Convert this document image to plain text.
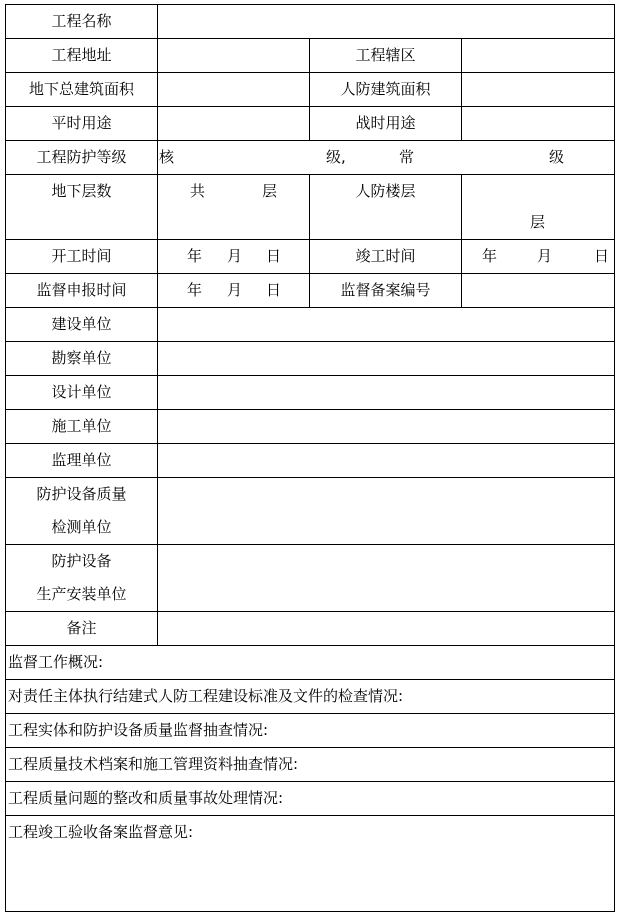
工程名称			
工程地址		工程辖区	
地下总建筑面积		人防建筑面积	
平时用途		战时用途	
工程防护等级	核 级, 常 级		

地下层数	共 层	人防楼层	层

开工时间	年 月 日	竣工时间	年 月 日

监督申报时间	年 月 日	监督备案编号	
建设单位			
勘察单位			
设计单位			
施工单位			
监理单位			

防护设备质量
检测单位			

防护设备
生产安装单位			

备注			
监督工作概况:			
对责任主体执行结建式人防工程建设标准及文件的检查情况:			
工程实体和防护设备质量监督抽查情况:			
工程质量技术档案和施工管理资料抽查情况:			
工程质量问题的整改和质量事故处理情况:			
工程竣工验收备案监督意见:			
